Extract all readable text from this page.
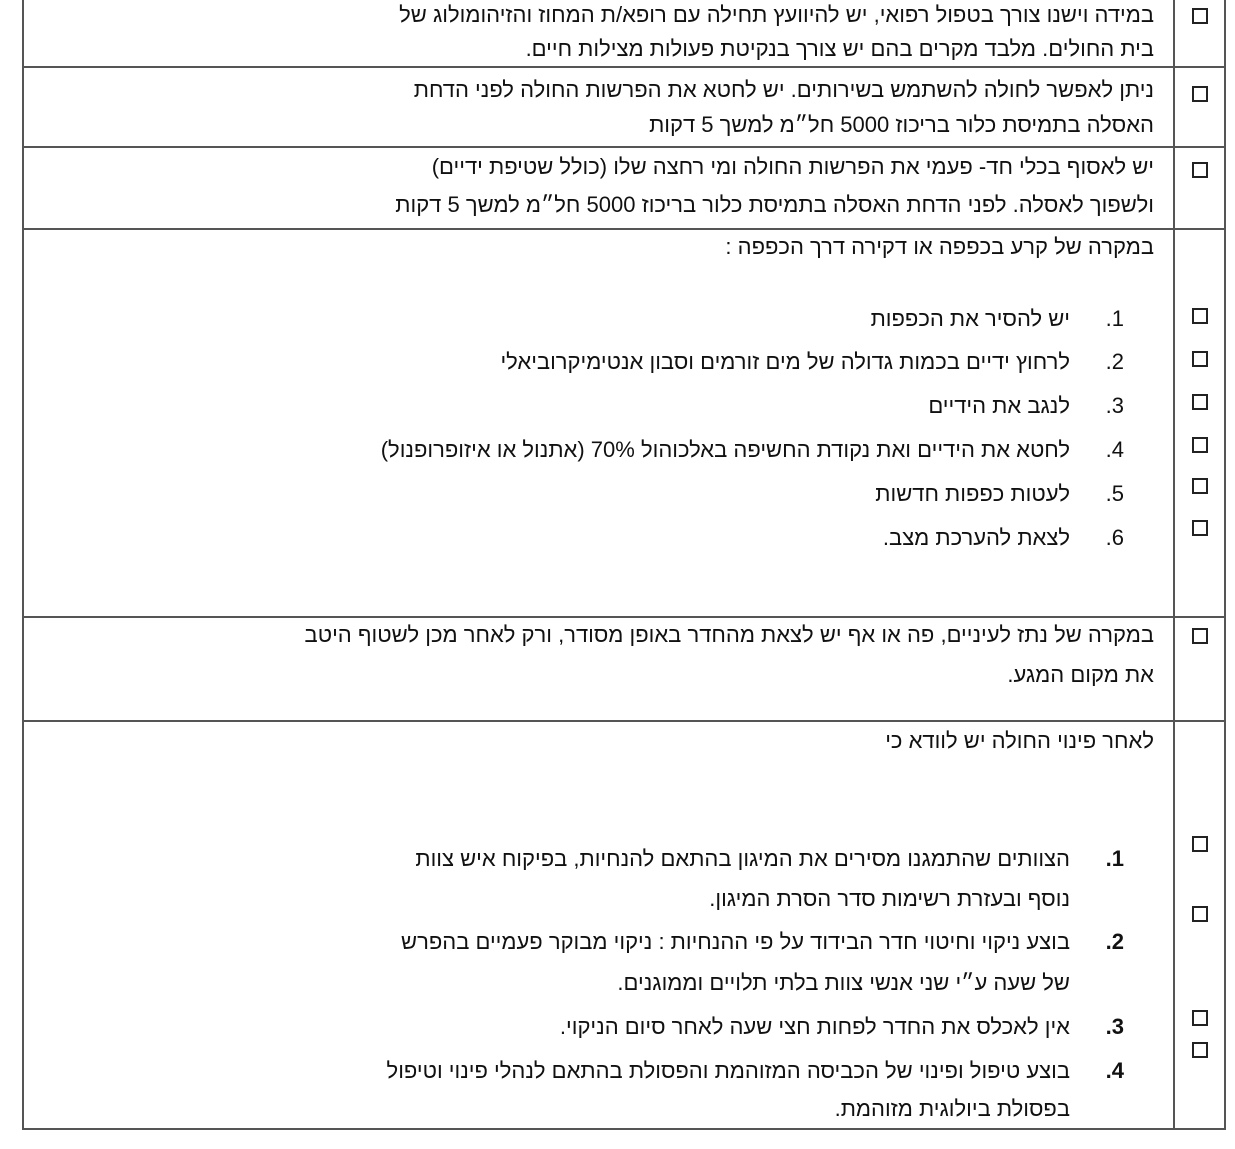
במידה וישנו צורך בטפול רפואי, יש להיוועץ תחילה עם רופא/ת המחוז והזיהומולוג של
בית החולים. מלבד מקרים בהם יש צורך בנקיטת פעולות מצילות חיים.
ניתן לאפשר לחולה להשתמש בשירותים. יש לחטא את הפרשות החולה לפני הדחת
האסלה בתמיסת כלור בריכוז 5000 חל״מ למשך 5 דקות
יש לאסוף בכלי חד- פעמי את הפרשות החולה ומי רחצה שלו (כולל שטיפת ידיים)
ולשפוך לאסלה. לפני הדחת האסלה בתמיסת כלור בריכוז 5000 חל״מ למשך 5 דקות
במקרה של קרע בכפפה או דקירה דרך הכפפה :
1.יש להסיר את הכפפות
2.לרחוץ ידיים בכמות גדולה של מים זורמים וסבון אנטימיקרוביאלי
3.לנגב את הידיים
4.לחטא את הידיים ואת נקודת החשיפה באלכוהול 70% (אתנול או איזופרופנול)
5.לעטות כפפות חדשות
6.לצאת להערכת מצב.
במקרה של נתז לעיניים, פה או אף יש לצאת מהחדר באופן מסודר, ורק לאחר מכן לשטוף היטב
את מקום המגע.
לאחר פינוי החולה יש לוודא כי
1.הצוותים שהתמגנו מסירים את המיגון בהתאם להנחיות, בפיקוח איש צוות
נוסף ובעזרת רשימות סדר הסרת המיגון.
2.בוצע ניקוי וחיטוי חדר הבידוד על פי ההנחיות : ניקוי מבוקר פעמיים בהפרש
של שעה ע״י שני אנשי צוות בלתי תלויים וממוגנים.
3.אין לאכלס את החדר לפחות חצי שעה לאחר סיום הניקוי.
4.בוצע טיפול ופינוי של הכביסה המזוהמת והפסולת בהתאם לנהלי פינוי וטיפול
בפסולת ביולוגית מזוהמת.
